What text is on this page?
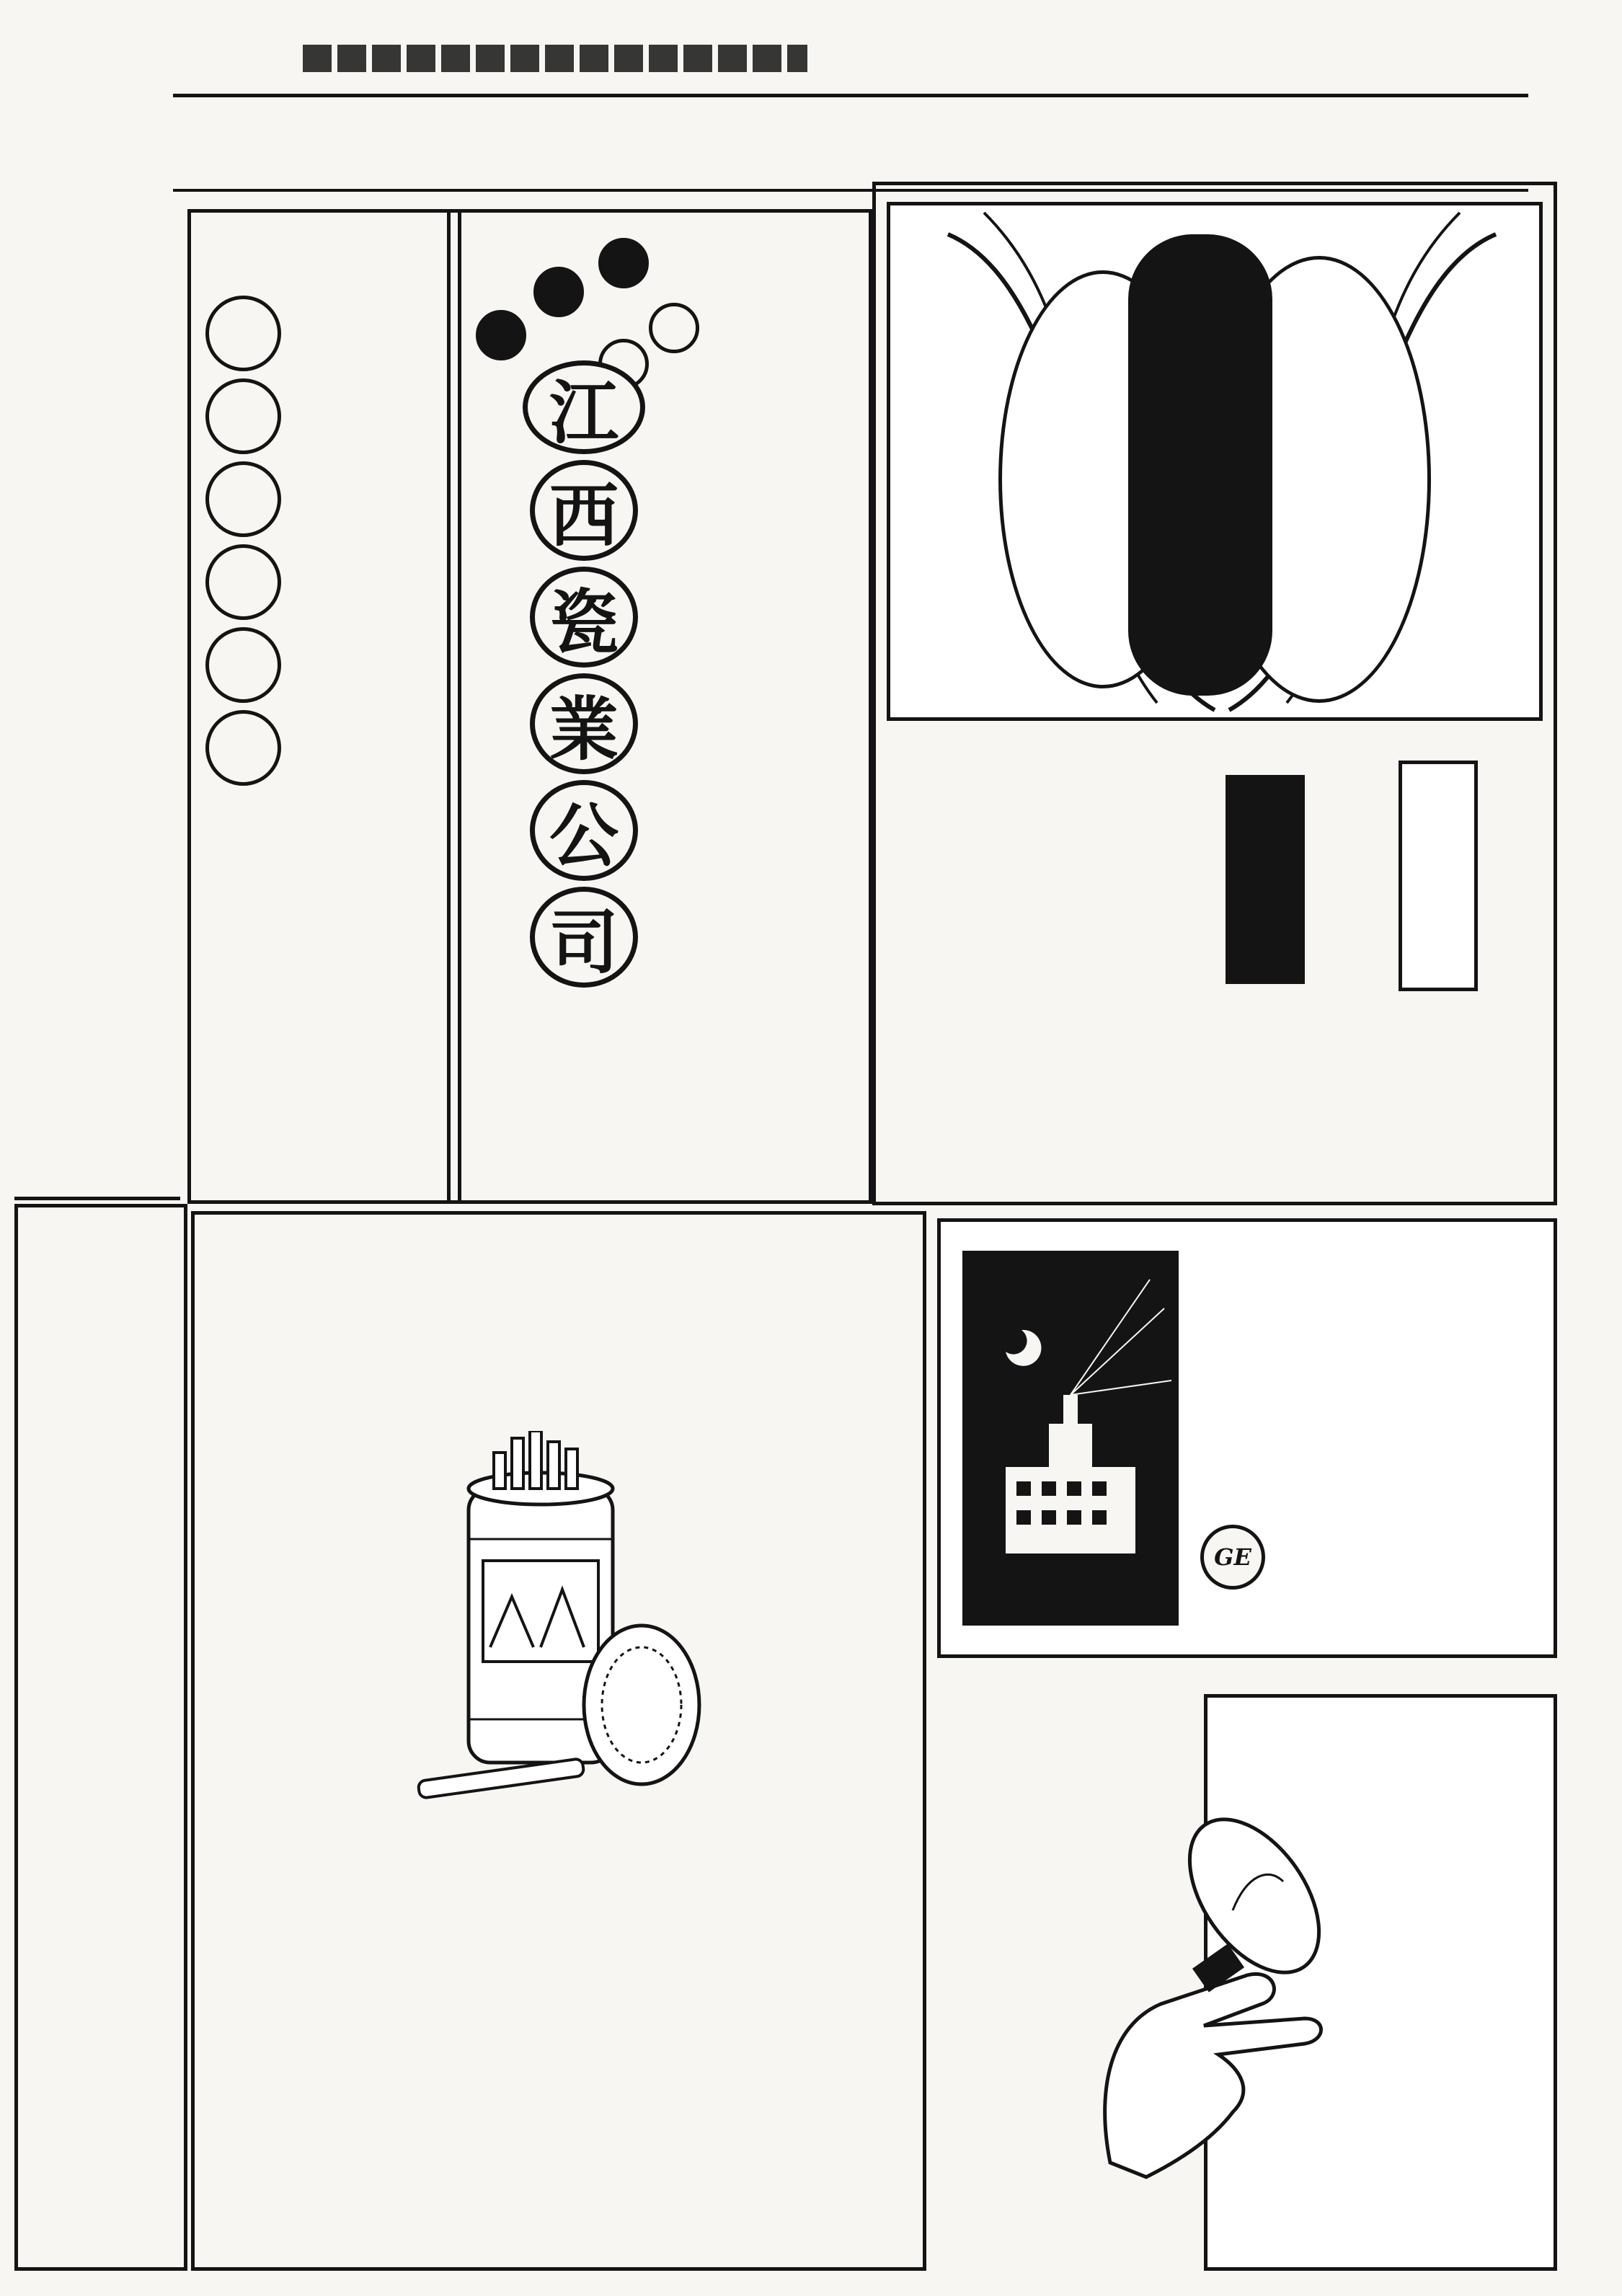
江
西
瓷
業
公
司
GE
